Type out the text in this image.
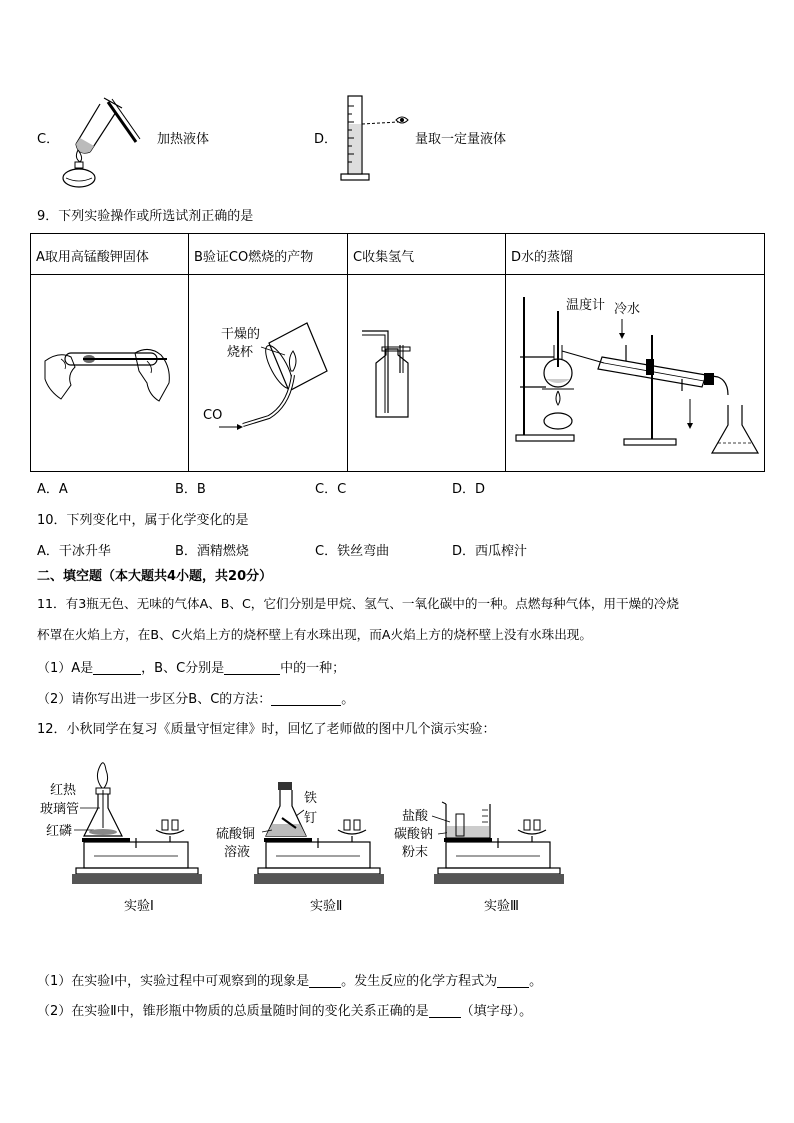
C．	加热液体	D．	量取一定量液体
9．下列实验操作或所选试剂正确的是
A取用高锰酸钾固体	B验证CO燃烧的产物	C收集氢气	D水的蒸馏

干燥的
烧杯
CO		温度计 冷水
A．A	B．B	C．C	D．D
10．下列变化中，属于化学变化的是
A．干冰升华	B．酒精燃烧	C．铁丝弯曲	D．西瓜榨汁
二、填空题（本大题共4小题，共20分）
11．有3瓶无色、无味的气体A、B、C，它们分别是甲烷、氢气、一氧化碳中的一种。点燃每种气体，用干燥的冷烧
杯罩在火焰上方，在B、C火焰上方的烧杯壁上有水珠出现，而A火焰上方的烧杯壁上没有水珠出现。
（1）A是	，B、C分别是	中的一种；
（2）请你写出进一步区分B、C的方法：	。
12．小秋同学在复习《质量守恒定律》时，回忆了老师做的图中几个演示实验：
红热
玻璃管
红磷
实验Ⅰ
铁
钉
硫酸铜
溶液
实验Ⅱ
盐酸
碳酸钠
粉末
实验Ⅲ
（1）在实验Ⅰ中，实验过程中可观察到的现象是 。发生反应的化学方程式为 。
（2）在实验Ⅱ中，锥形瓶中物质的总质量随时间的变化关系正确的是 （填字母）。
